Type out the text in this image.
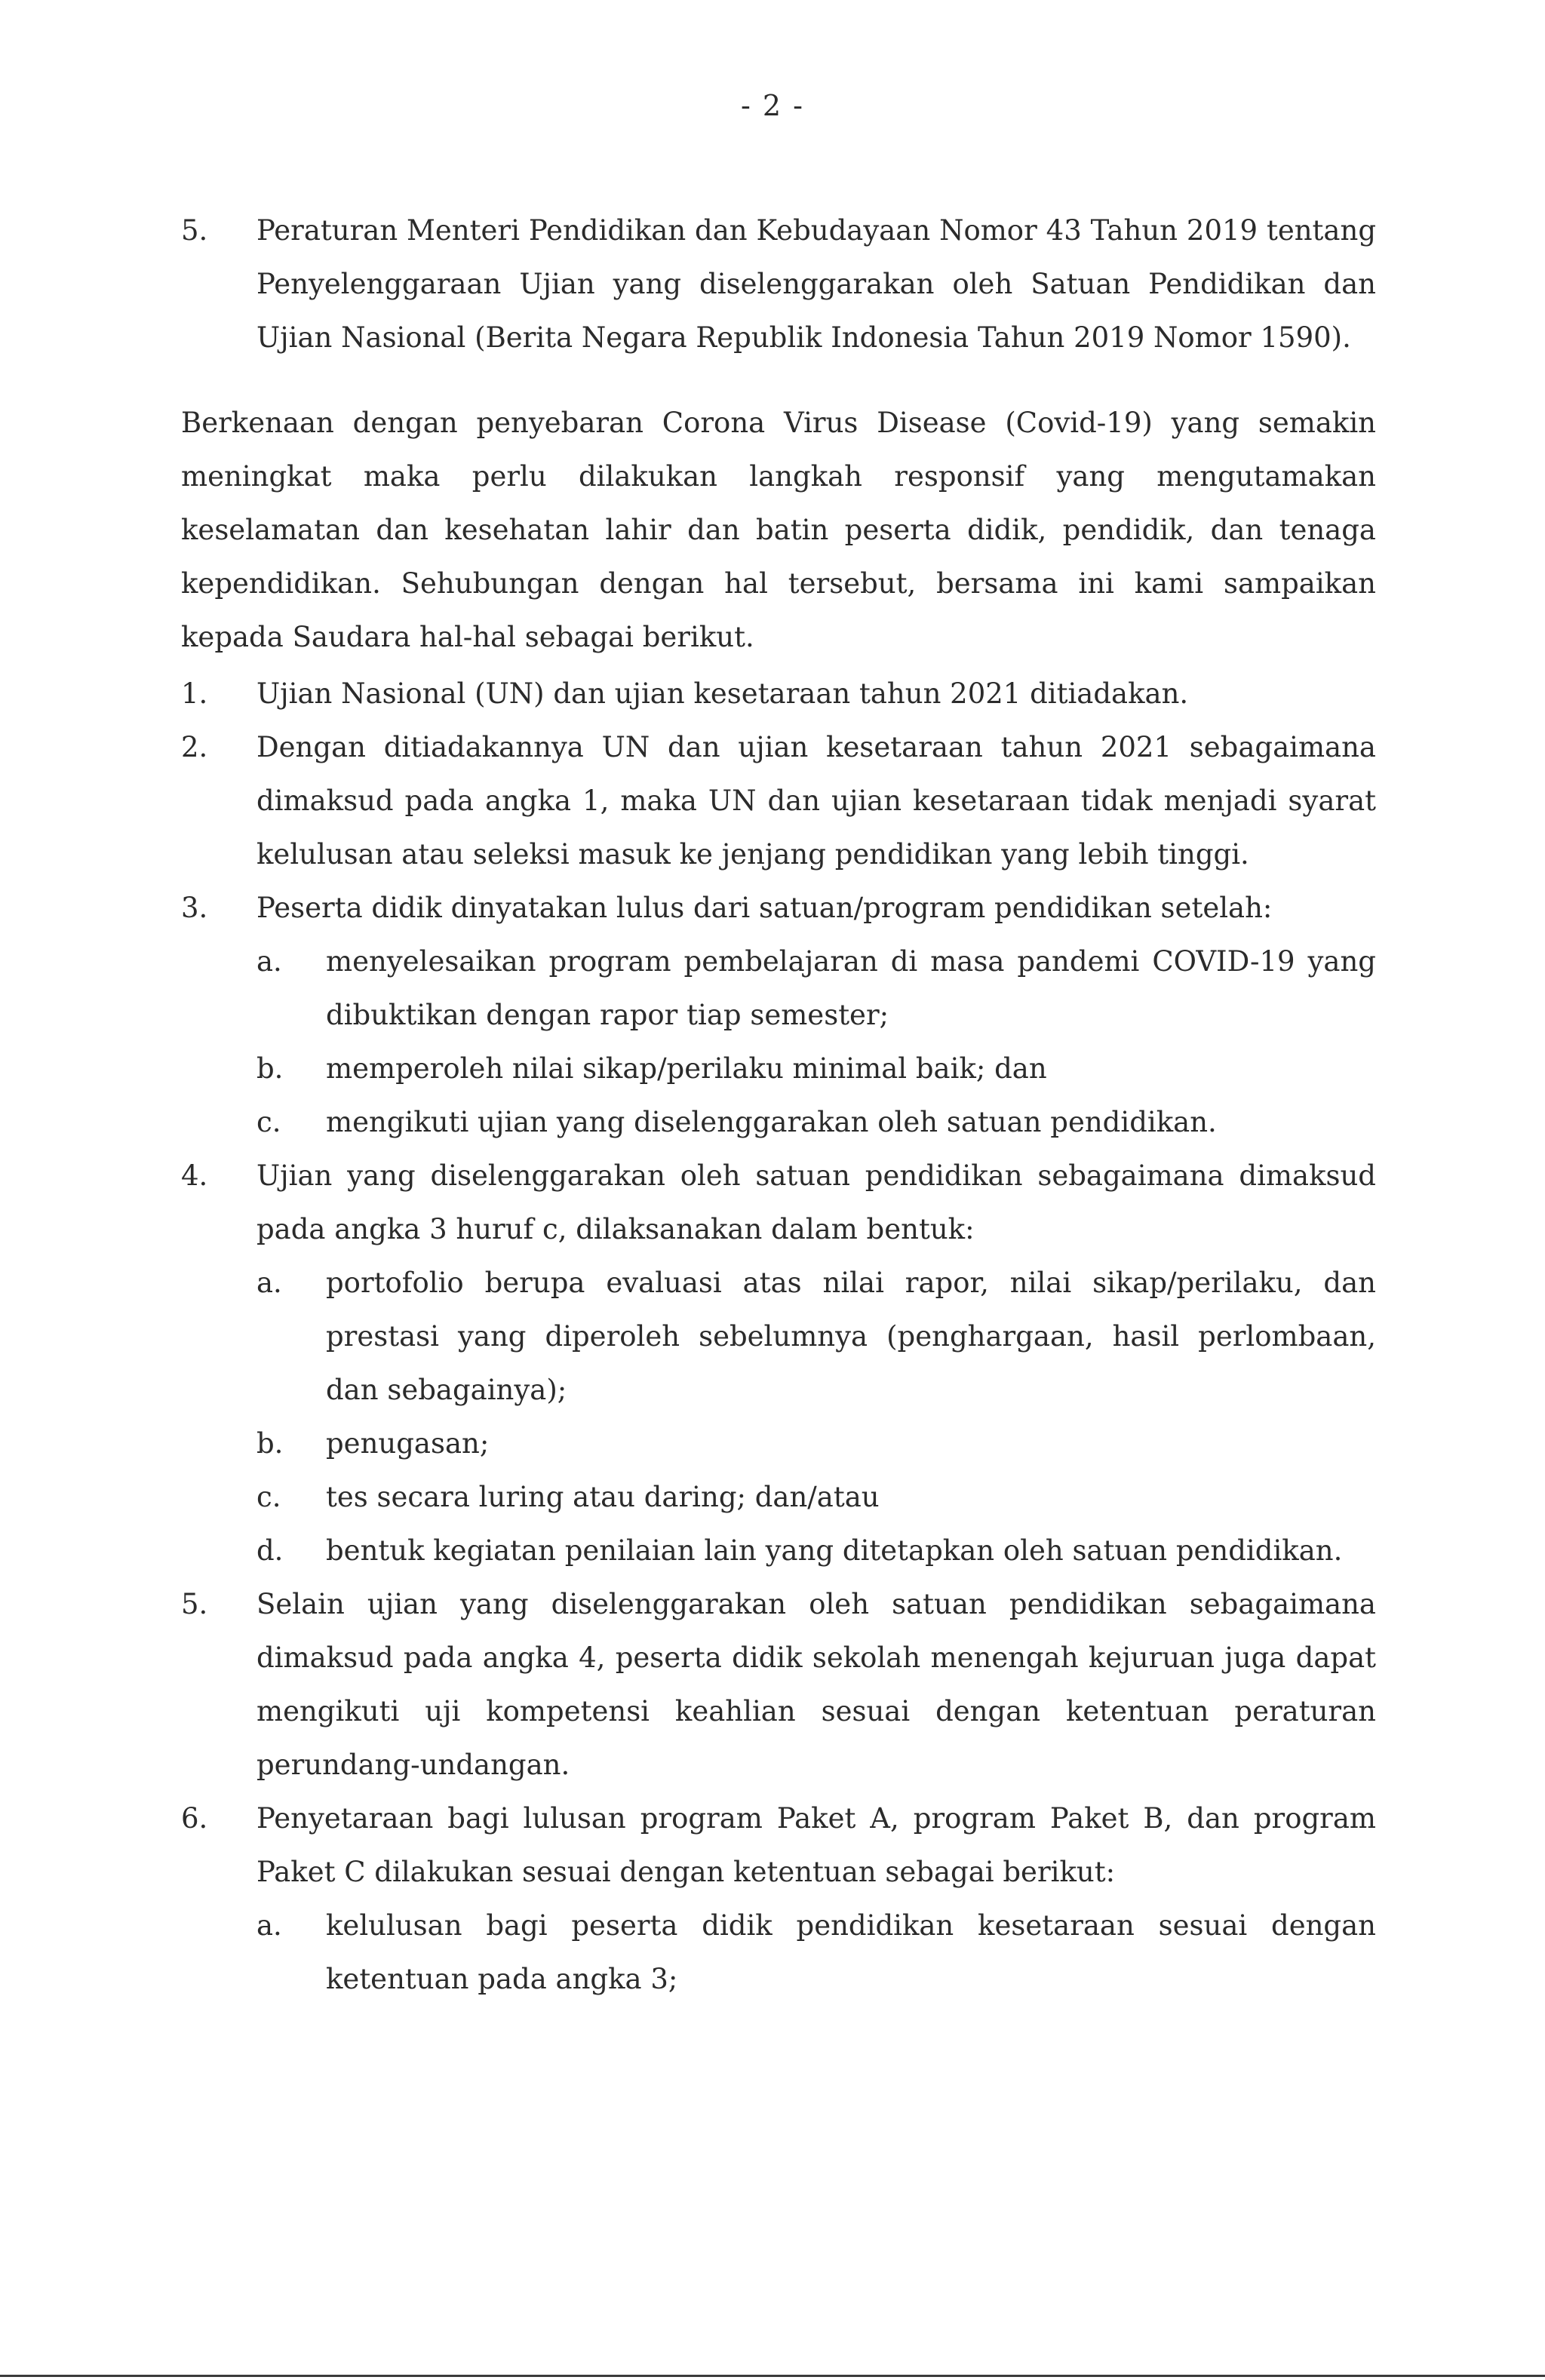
- 2 -
5.	Peraturan Menteri Pendidikan dan Kebudayaan Nomor 43 Tahun 2019 tentang Penyelenggaraan Ujian yang diselenggarakan oleh Satuan Pendidikan dan Ujian Nasional (Berita Negara Republik Indonesia Tahun 2019 Nomor 1590).

Berkenaan dengan penyebaran Corona Virus Disease (Covid-19) yang semakin meningkat maka perlu dilakukan langkah responsif yang mengutamakan keselamatan dan kesehatan lahir dan batin peserta didik, pendidik, dan tenaga kependidikan. Sehubungan dengan hal tersebut, bersama ini kami sampaikan kepada Saudara hal-hal sebagai berikut.

1.	Ujian Nasional (UN) dan ujian kesetaraan tahun 2021 ditiadakan.
2.	Dengan ditiadakannya UN dan ujian kesetaraan tahun 2021 sebagaimana dimaksud pada angka 1, maka UN dan ujian kesetaraan tidak menjadi syarat kelulusan atau seleksi masuk ke jenjang pendidikan yang lebih tinggi.
3.	Peserta didik dinyatakan lulus dari satuan/program pendidikan setelah:
a.	menyelesaikan program pembelajaran di masa pandemi COVID-19 yang dibuktikan dengan rapor tiap semester;
b.	memperoleh nilai sikap/perilaku minimal baik; dan
c.	mengikuti ujian yang diselenggarakan oleh satuan pendidikan.
4.	Ujian yang diselenggarakan oleh satuan pendidikan sebagaimana dimaksud pada angka 3 huruf c, dilaksanakan dalam bentuk:
a.	portofolio berupa evaluasi atas nilai rapor, nilai sikap/perilaku, dan prestasi yang diperoleh sebelumnya (penghargaan, hasil perlombaan, dan sebagainya);
b.	penugasan;
c.	tes secara luring atau daring; dan/atau
d.	bentuk kegiatan penilaian lain yang ditetapkan oleh satuan pendidikan.
5.	Selain ujian yang diselenggarakan oleh satuan pendidikan sebagaimana dimaksud pada angka 4, peserta didik sekolah menengah kejuruan juga dapat mengikuti uji kompetensi keahlian sesuai dengan ketentuan peraturan perundang-undangan.
6.	Penyetaraan bagi lulusan program Paket A, program Paket B, dan program Paket C dilakukan sesuai dengan ketentuan sebagai berikut:
a.	kelulusan bagi peserta didik pendidikan kesetaraan sesuai dengan ketentuan pada angka 3;
